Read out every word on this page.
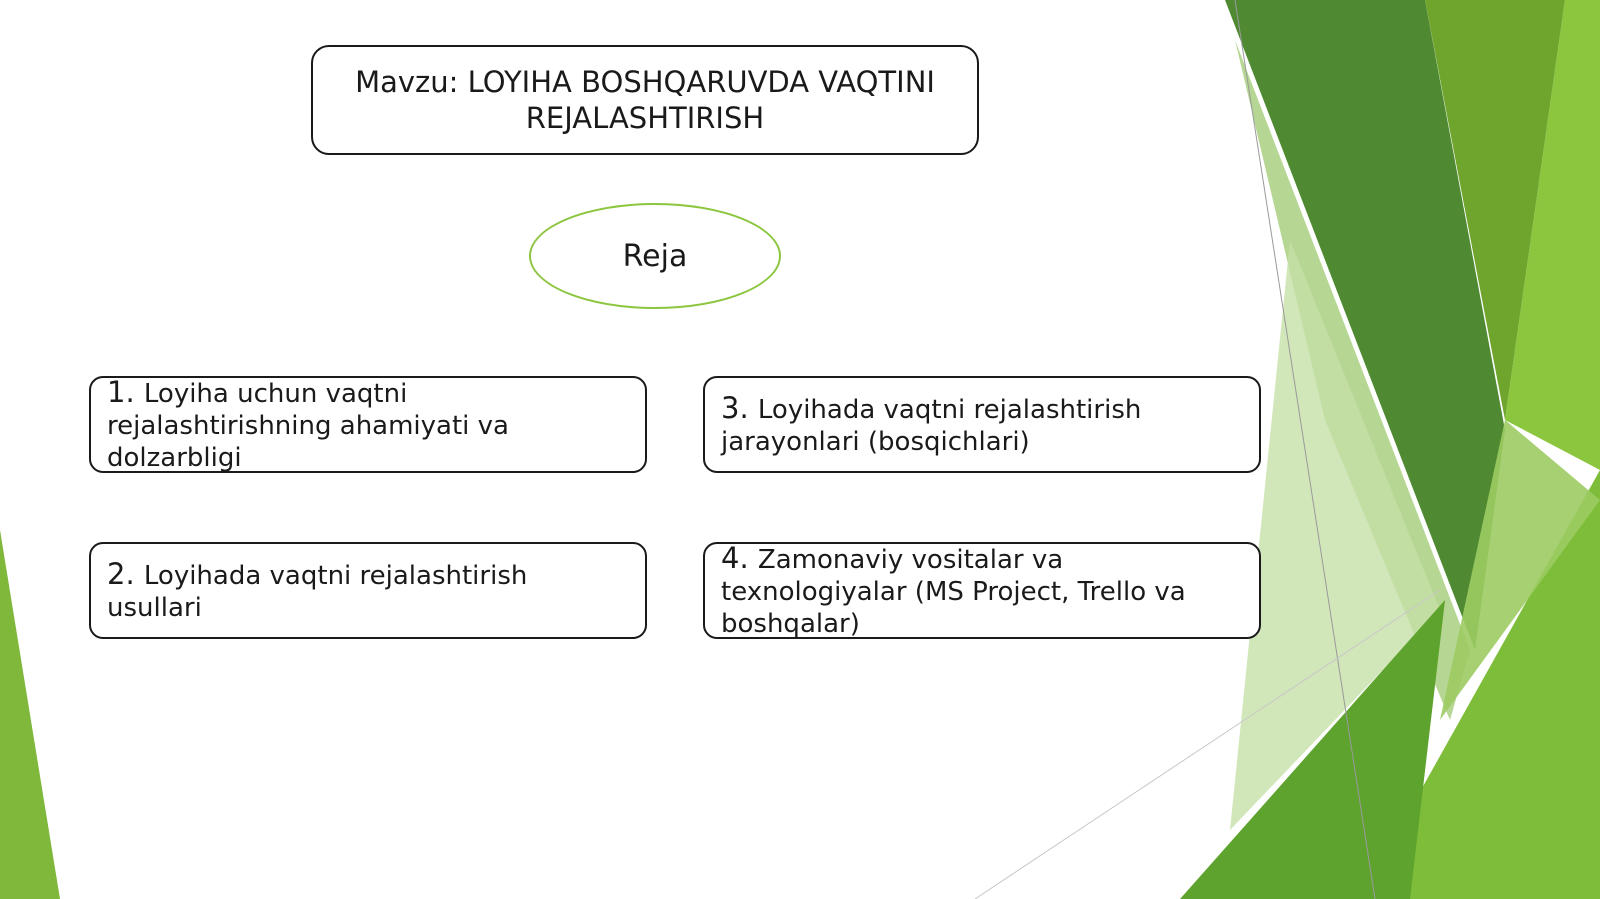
Mavzu: LOYIHA BOSHQARUVDA VAQTINI REJALASHTIRISH
Reja
1. Loyiha uchun vaqtni rejalashtirishning ahamiyati va dolzarbligi
2. Loyihada vaqtni rejalashtirish usullari
3. Loyihada vaqtni rejalashtirish jarayonlari (bosqichlari)
4. Zamonaviy vositalar va texnologiyalar (MS Project, Trello va boshqalar)
